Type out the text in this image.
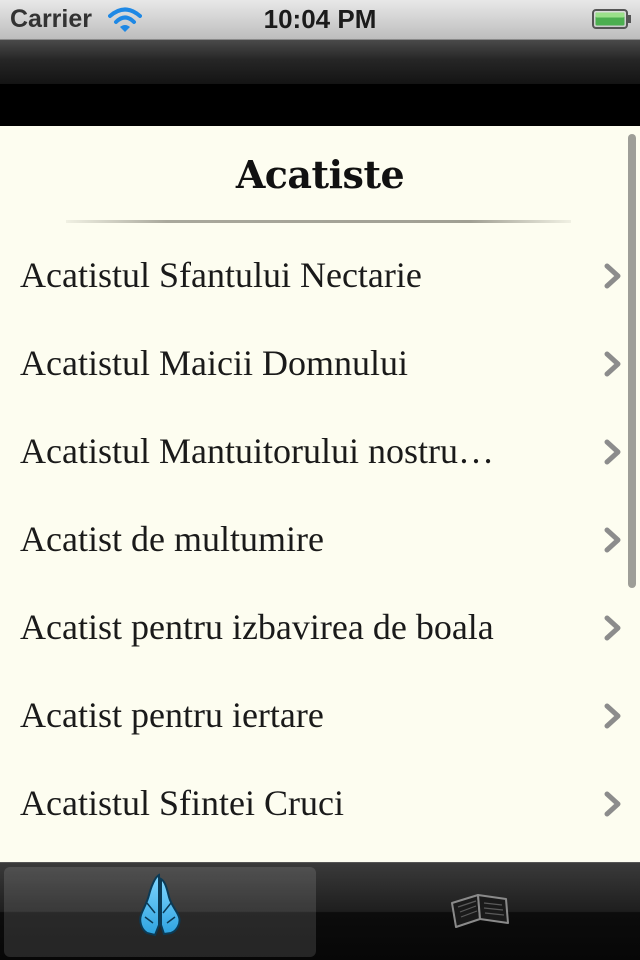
Carrier	10:04 PM
Acatiste
Acatistul Sfantului Nectarie
Acatistul Maicii Domnului
Acatistul Mantuitorului nostru…
Acatist de multumire
Acatist pentru izbavirea de boala
Acatist pentru iertare
Acatistul Sfintei Cruci
